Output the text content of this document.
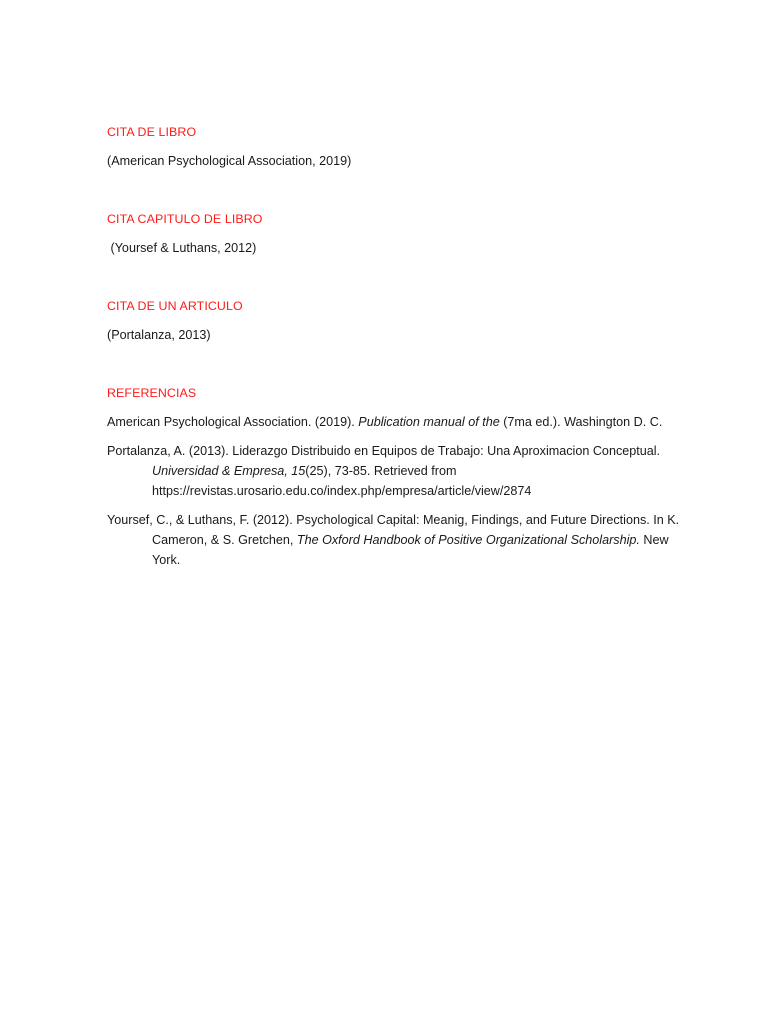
CITA DE LIBRO

(American Psychological Association, 2019)

CITA CAPITULO DE LIBRO

(Yoursef & Luthans, 2012)

CITA DE UN ARTICULO

(Portalanza, 2013)

REFERENCIAS

American Psychological Association. (2019). Publication manual of the (7ma ed.). Washington D. C.

Portalanza, A. (2013). Liderazgo Distribuido en Equipos de Trabajo: Una Aproximacion Conceptual. Universidad & Empresa, 15(25), 73-85. Retrieved from https://revistas.urosario.edu.co/index.php/empresa/article/view/2874

Yoursef, C., & Luthans, F. (2012). Psychological Capital: Meanig, Findings, and Future Directions. In K. Cameron, & S. Gretchen, The Oxford Handbook of Positive Organizational Scholarship. New York.
